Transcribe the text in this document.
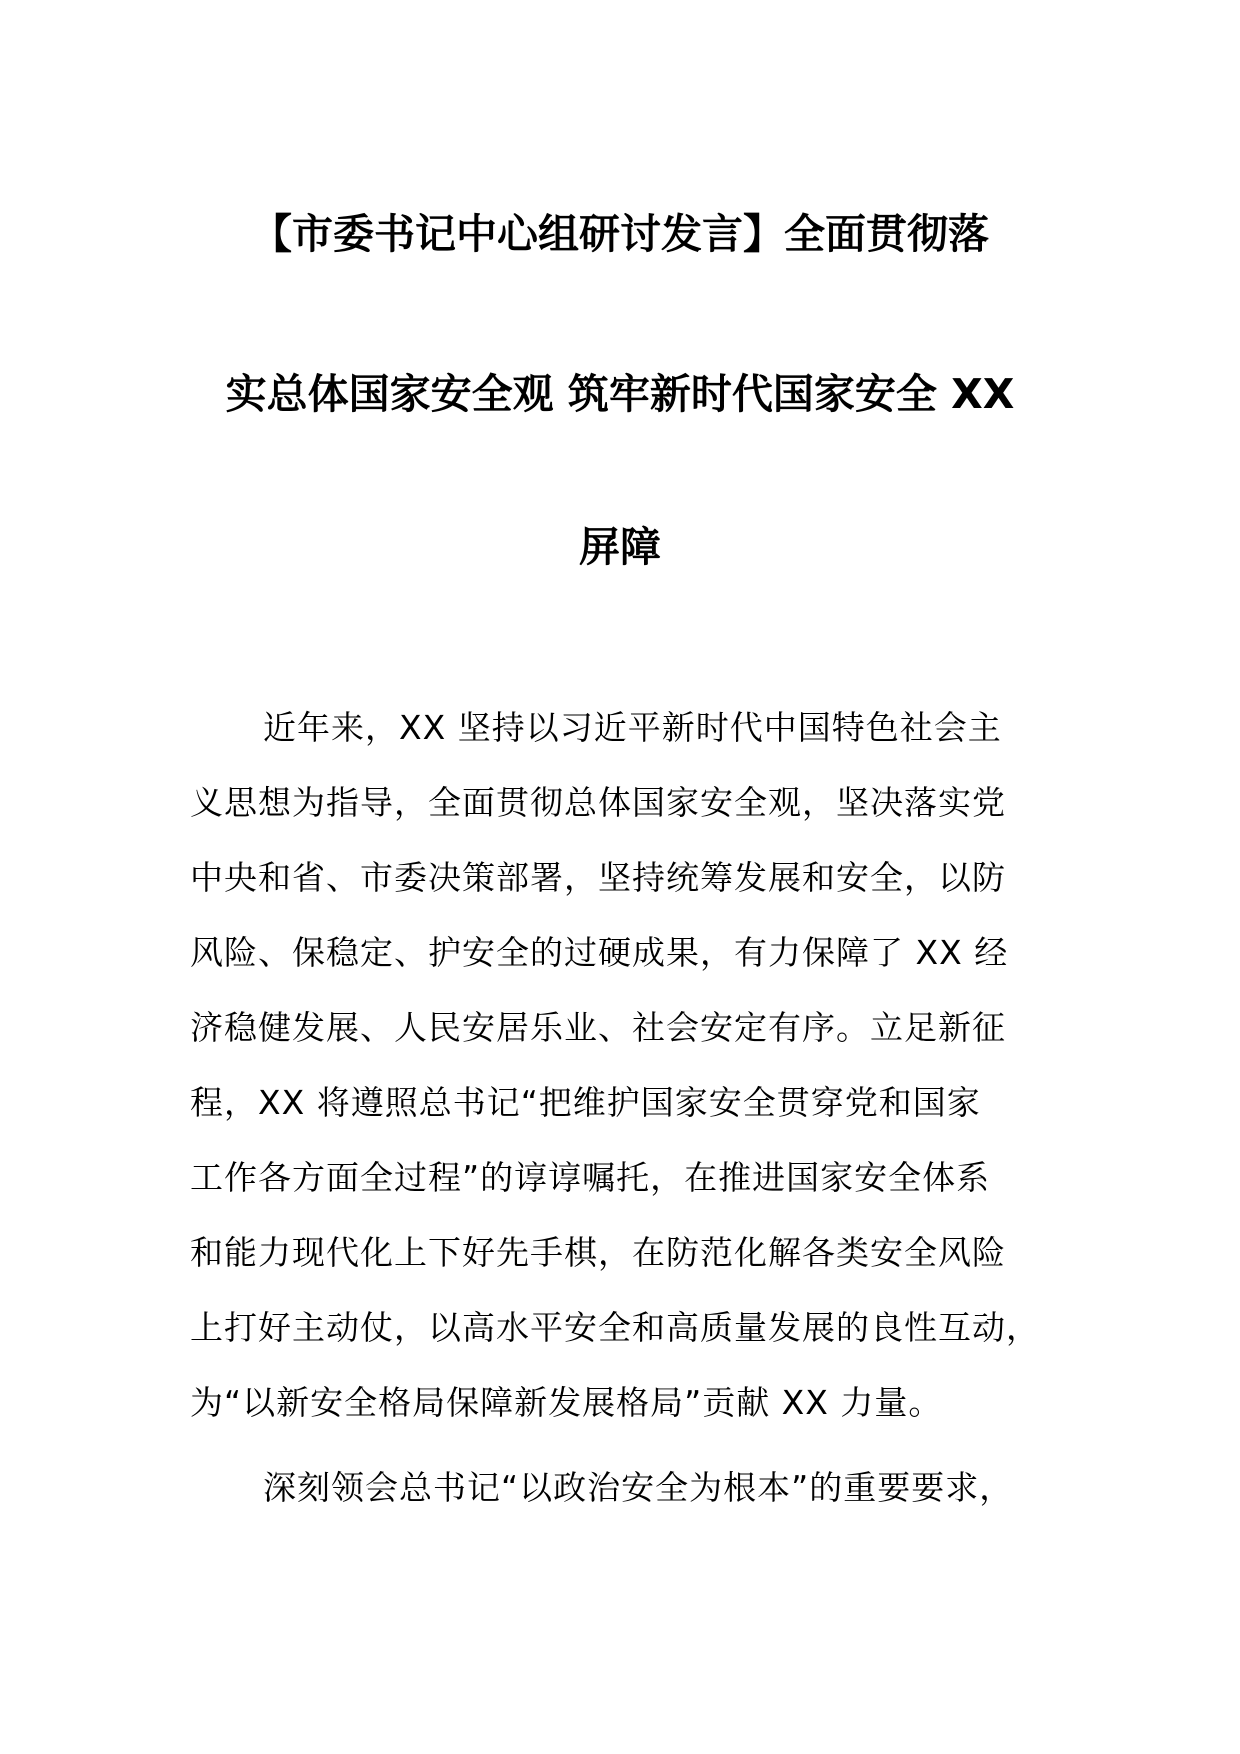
【市委书记中心组研讨发言】全面贯彻落
实总体国家安全观 筑牢新时代国家安全 XX
屏障
近年来，XX 坚持以习近平新时代中国特色社会主
义思想为指导，全面贯彻总体国家安全观，坚决落实党
中央和省、市委决策部署，坚持统筹发展和安全，以防
风险、保稳定、护安全的过硬成果，有力保障了 XX 经
济稳健发展、人民安居乐业、社会安定有序。立足新征
程，XX 将遵照总书记“把维护国家安全贯穿党和国家
工作各方面全过程”的谆谆嘱托，在推进国家安全体系
和能力现代化上下好先手棋，在防范化解各类安全风险
上打好主动仗，以高水平安全和高质量发展的良性互动，
为“以新安全格局保障新发展格局”贡献 XX 力量。
深刻领会总书记“以政治安全为根本”的重要要求，
